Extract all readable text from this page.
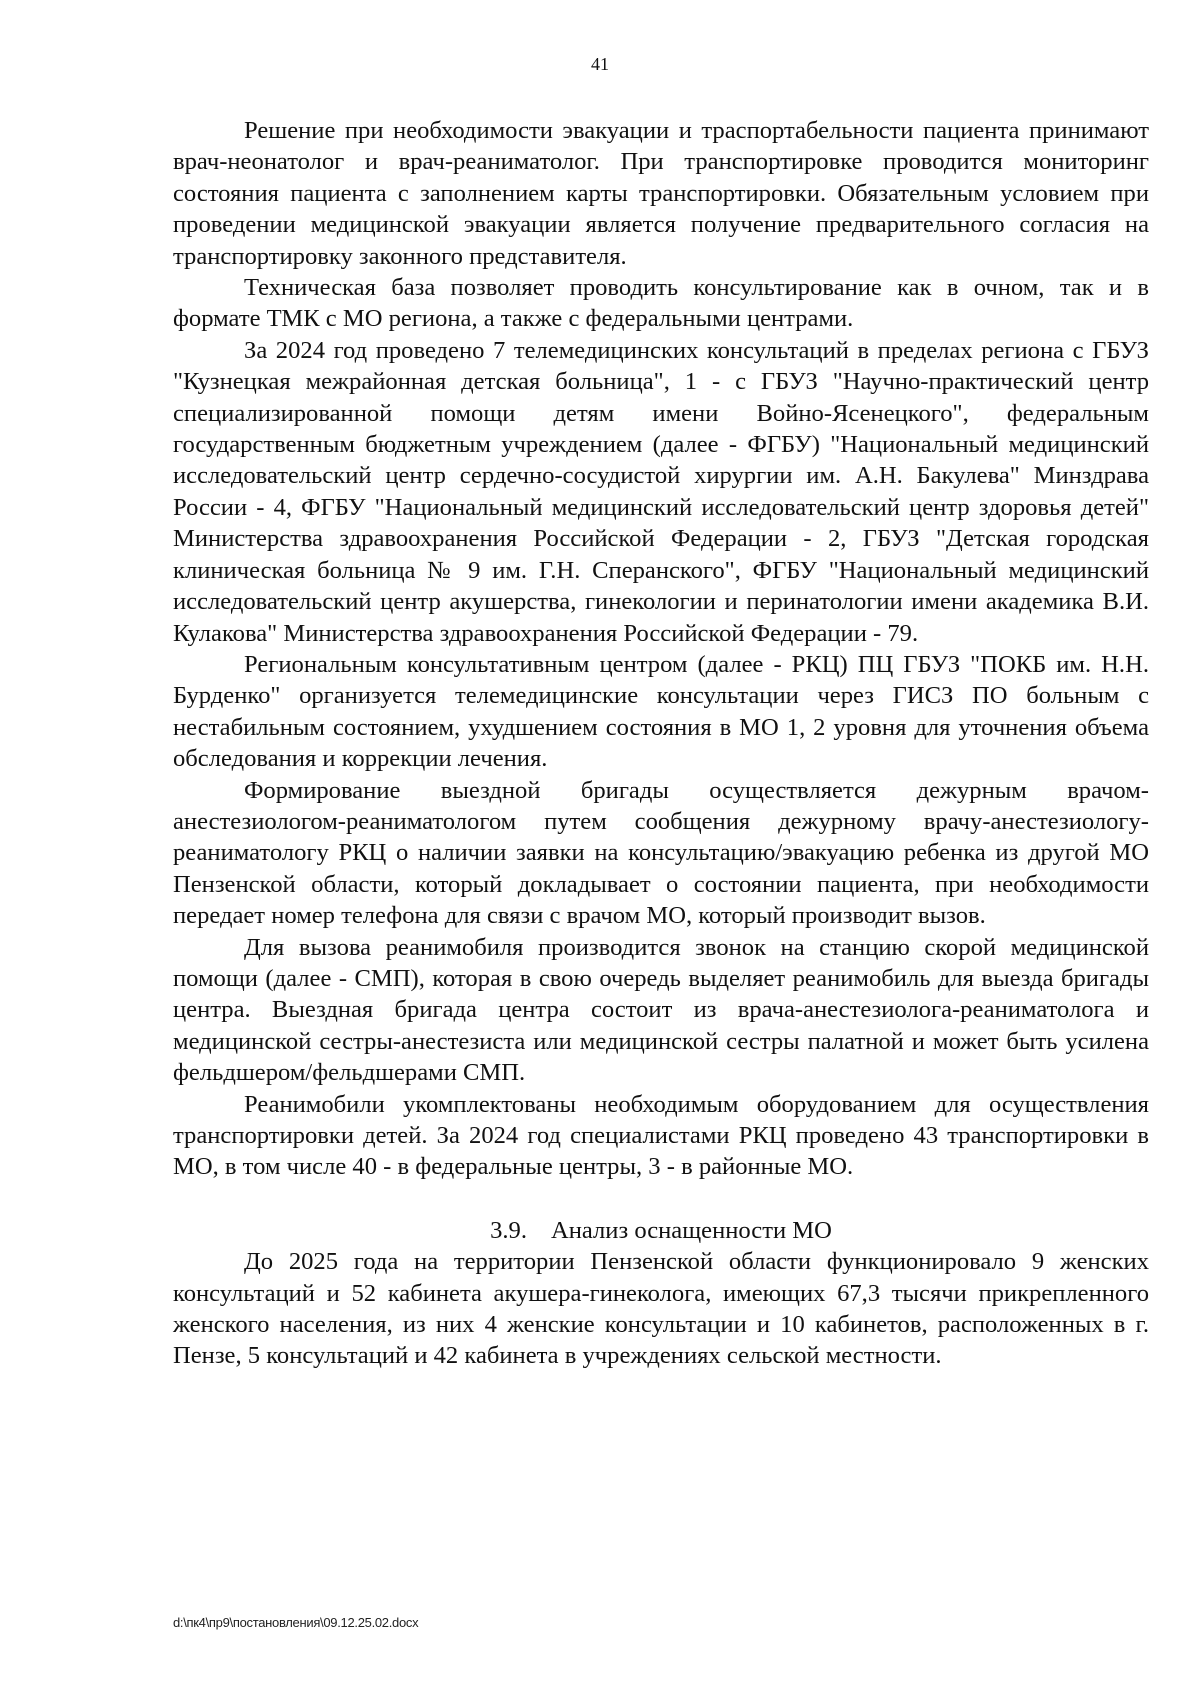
41

Решение при необходимости эвакуации и траспортабельности пациента принимают врач-неонатолог и врач-реаниматолог. При транспортировке проводится мониторинг состояния пациента с заполнением карты транспортировки. Обязательным условием при проведении медицинской эвакуации является получение предварительного согласия на транспортировку законного представителя.

Техническая база позволяет проводить консультирование как в очном, так и в формате ТМК с МО региона, а также с федеральными центрами.

За 2024 год проведено 7 телемедицинских консультаций в пределах региона с ГБУЗ "Кузнецкая межрайонная детская больница", 1 - с ГБУЗ "Научно-практический центр специализированной помощи детям имени Войно-Ясенецкого", федеральным государственным бюджетным учреждением (далее - ФГБУ) "Национальный медицинский исследовательский центр сердечно-сосудистой хирургии им. А.Н. Бакулева" Минздрава России - 4, ФГБУ "Национальный медицинский исследовательский центр здоровья детей" Министерства здравоохранения Российской Федерации - 2, ГБУЗ "Детская городская клиническая больница № 9 им. Г.Н. Сперанского", ФГБУ "Национальный медицинский исследовательский центр акушерства, гинекологии и перинатологии имени академика В.И. Кулакова" Министерства здравоохранения Российской Федерации - 79.

Региональным консультативным центром (далее - РКЦ) ПЦ ГБУЗ "ПОКБ им. Н.Н. Бурденко" организуется телемедицинские консультации через ГИСЗ ПО больным с нестабильным состоянием, ухудшением состояния в МО 1, 2 уровня для уточнения объема обследования и коррекции лечения.

Формирование выездной бригады осуществляется дежурным врачом-анестезиологом-реаниматологом путем сообщения дежурному врачу-анестезиологу-реаниматологу РКЦ о наличии заявки на консультацию/эвакуацию ребенка из другой МО Пензенской области, который докладывает о состоянии пациента, при необходимости передает номер телефона для связи с врачом МО, который производит вызов.

Для вызова реанимобиля производится звонок на станцию скорой медицинской помощи (далее - СМП), которая в свою очередь выделяет реанимобиль для выезда бригады центра. Выездная бригада центра состоит из врача-анестезиолога-реаниматолога и медицинской сестры-анестезиста или медицинской сестры палатной и может быть усилена фельдшером/фельдшерами СМП.

Реанимобили укомплектованы необходимым оборудованием для осуществления транспортировки детей. За 2024 год специалистами РКЦ проведено 43 транспортировки в МО, в том числе 40 - в федеральные центры, 3 - в районные МО.

3.9. Анализ оснащенности МО

До 2025 года на территории Пензенской области функционировало 9 женских консультаций и 52 кабинета акушера-гинеколога, имеющих 67,3 тысячи прикрепленного женского населения, из них 4 женские консультации и 10 кабинетов, расположенных в г. Пензе, 5 консультаций и 42 кабинета в учреждениях сельской местности.

d:\пк4\пр9\постановления\09.12.25.02.docx
